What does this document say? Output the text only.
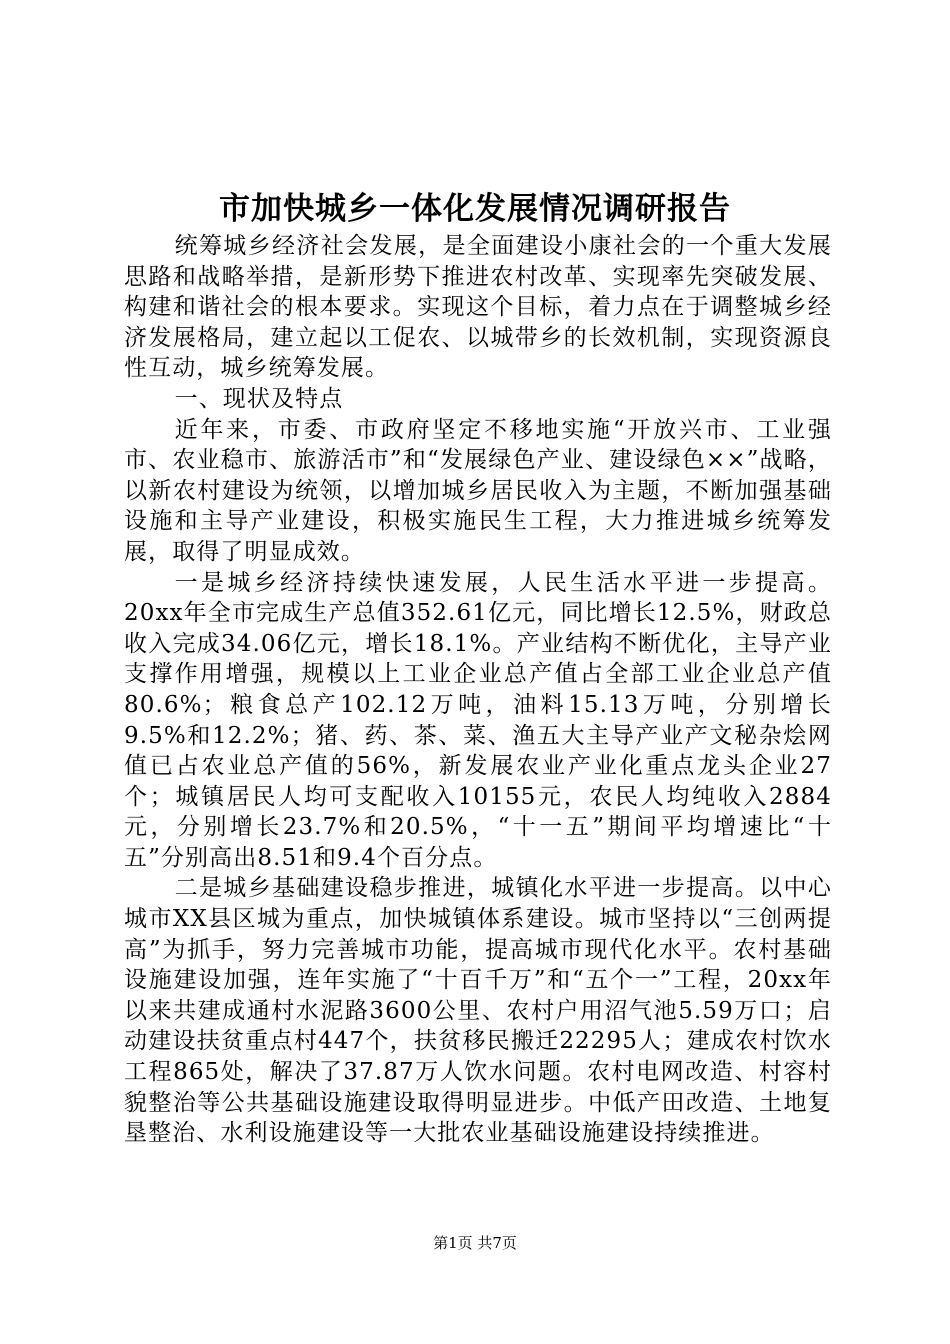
市加快城乡一体化发展情况调研报告

统筹城乡经济社会发展，是全面建设小康社会的一个重大发展思路和战略举措，是新形势下推进农村改革、实现率先突破发展、构建和谐社会的根本要求。实现这个目标，着力点在于调整城乡经济发展格局，建立起以工促农、以城带乡的长效机制，实现资源良性互动，城乡统筹发展。

一、现状及特点

近年来，市委、市政府坚定不移地实施“开放兴市、工业强市、农业稳市、旅游活市”和“发展绿色产业、建设绿色××”战略，以新农村建设为统领，以增加城乡居民收入为主题，不断加强基础设施和主导产业建设，积极实施民生工程，大力推进城乡统筹发展，取得了明显成效。

一是城乡经济持续快速发展，人民生活水平进一步提高。20xx年全市完成生产总值352.61亿元，同比增长12.5%，财政总收入完成34.06亿元，增长18.1%。产业结构不断优化，主导产业支撑作用增强，规模以上工业企业总产值占全部工业企业总产值80.6%；粮食总产102.12万吨，油料15.13万吨，分别增长9.5%和12.2%；猪、药、茶、菜、渔五大主导产业产文秘杂烩网值已占农业总产值的56%，新发展农业产业化重点龙头企业27个；城镇居民人均可支配收入10155元，农民人均纯收入2884元，分别增长23.7%和20.5%，“十一五”期间平均增速比“十五”分别高出8.51和9.4个百分点。

二是城乡基础建设稳步推进，城镇化水平进一步提高。以中心城市XX县区城为重点，加快城镇体系建设。城市坚持以“三创两提高”为抓手，努力完善城市功能，提高城市现代化水平。农村基础设施建设加强，连年实施了“十百千万”和“五个一”工程，20xx年以来共建成通村水泥路3600公里、农村户用沼气池5.59万口；启动建设扶贫重点村447个，扶贫移民搬迁22295人；建成农村饮水工程865处，解决了37.87万人饮水问题。农村电网改造、村容村貌整治等公共基础设施建设取得明显进步。中低产田改造、土地复垦整治、水利设施建设等一大批农业基础设施建设持续推进。

第1页 共7页
